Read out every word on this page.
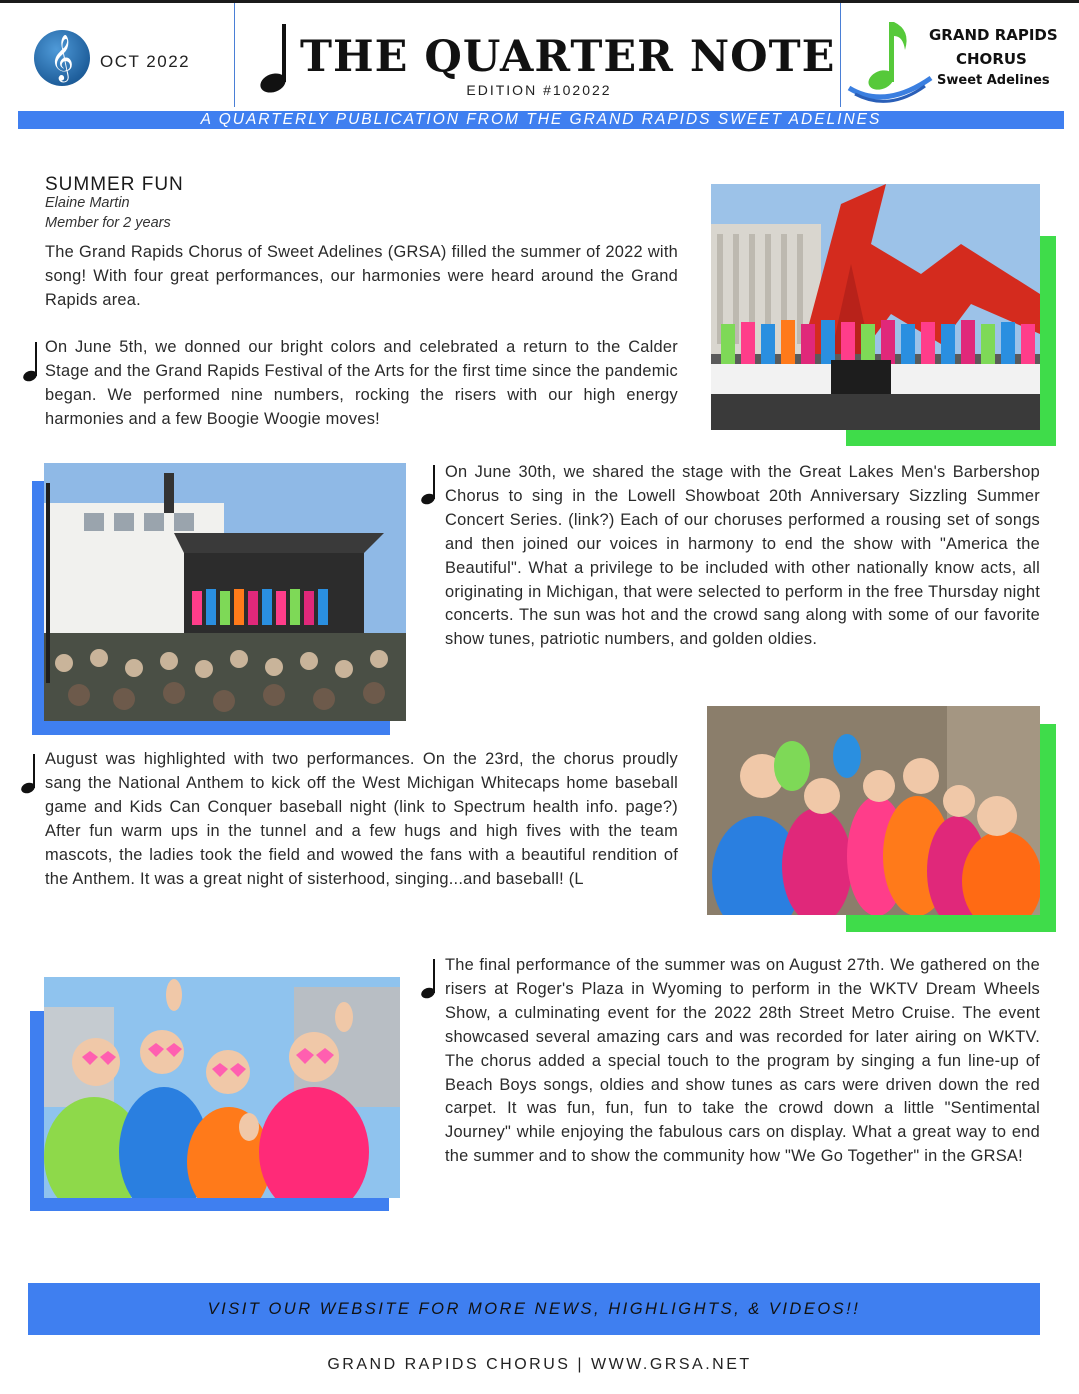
𝄞	OCT 2022	THE QUARTER NOTE
EDITION #102022
GRAND RAPIDS
CHORUS
Sweet Adelines
A QUARTERLY PUBLICATION FROM THE GRAND RAPIDS SWEET ADELINES
SUMMER FUN
Elaine Martin
Member for 2 years
The Grand Rapids Chorus of Sweet Adelines (GRSA) filled the summer of 2022 with song! With four great performances, our harmonies were heard around the Grand Rapids area.
On June 5th, we donned our bright colors and celebrated a return to the Calder Stage and the Grand Rapids Festival of the Arts for the first time since the pandemic began. We performed nine numbers, rocking the risers with our high energy harmonies and a few Boogie Woogie moves!
On June 30th, we shared the stage with the Great Lakes Men's Barbershop Chorus to sing in the Lowell Showboat 20th Anniversary Sizzling Summer Concert Series. (link?) Each of our choruses performed a rousing set of songs and then joined our voices in harmony to end the show with "America the Beautiful". What a privilege to be included with other nationally know acts, all originating in Michigan, that were selected to perform in the free Thursday night concerts. The sun was hot and the crowd sang along with some of our favorite show tunes, patriotic numbers, and golden oldies.
August was highlighted with two performances. On the 23rd, the chorus proudly sang the National Anthem to kick off the West Michigan Whitecaps home baseball game and Kids Can Conquer baseball night (link to Spectrum health info. page?) After fun warm ups in the tunnel and a few hugs and high fives with the team mascots, the ladies took the field and wowed the fans with a beautiful rendition of the Anthem. It was a great night of sisterhood, singing...and baseball! (L
The final performance of the summer was on August 27th. We gathered on the risers at Roger's Plaza in Wyoming to perform in the WKTV Dream Wheels Show, a culminating event for the 2022 28th Street Metro Cruise. The event showcased several amazing cars and was recorded for later airing on WKTV. The chorus added a special touch to the program by singing a fun line-up of Beach Boys songs, oldies and show tunes as cars were driven down the red carpet. It was fun, fun, fun to take the crowd down a little "Sentimental Journey" while enjoying the fabulous cars on display. What a great way to end the summer and to show the community how "We Go Together" in the GRSA!
VISIT OUR WEBSITE FOR MORE NEWS, HIGHLIGHTS, & VIDEOS!!
GRAND RAPIDS CHORUS | WWW.GRSA.NET
